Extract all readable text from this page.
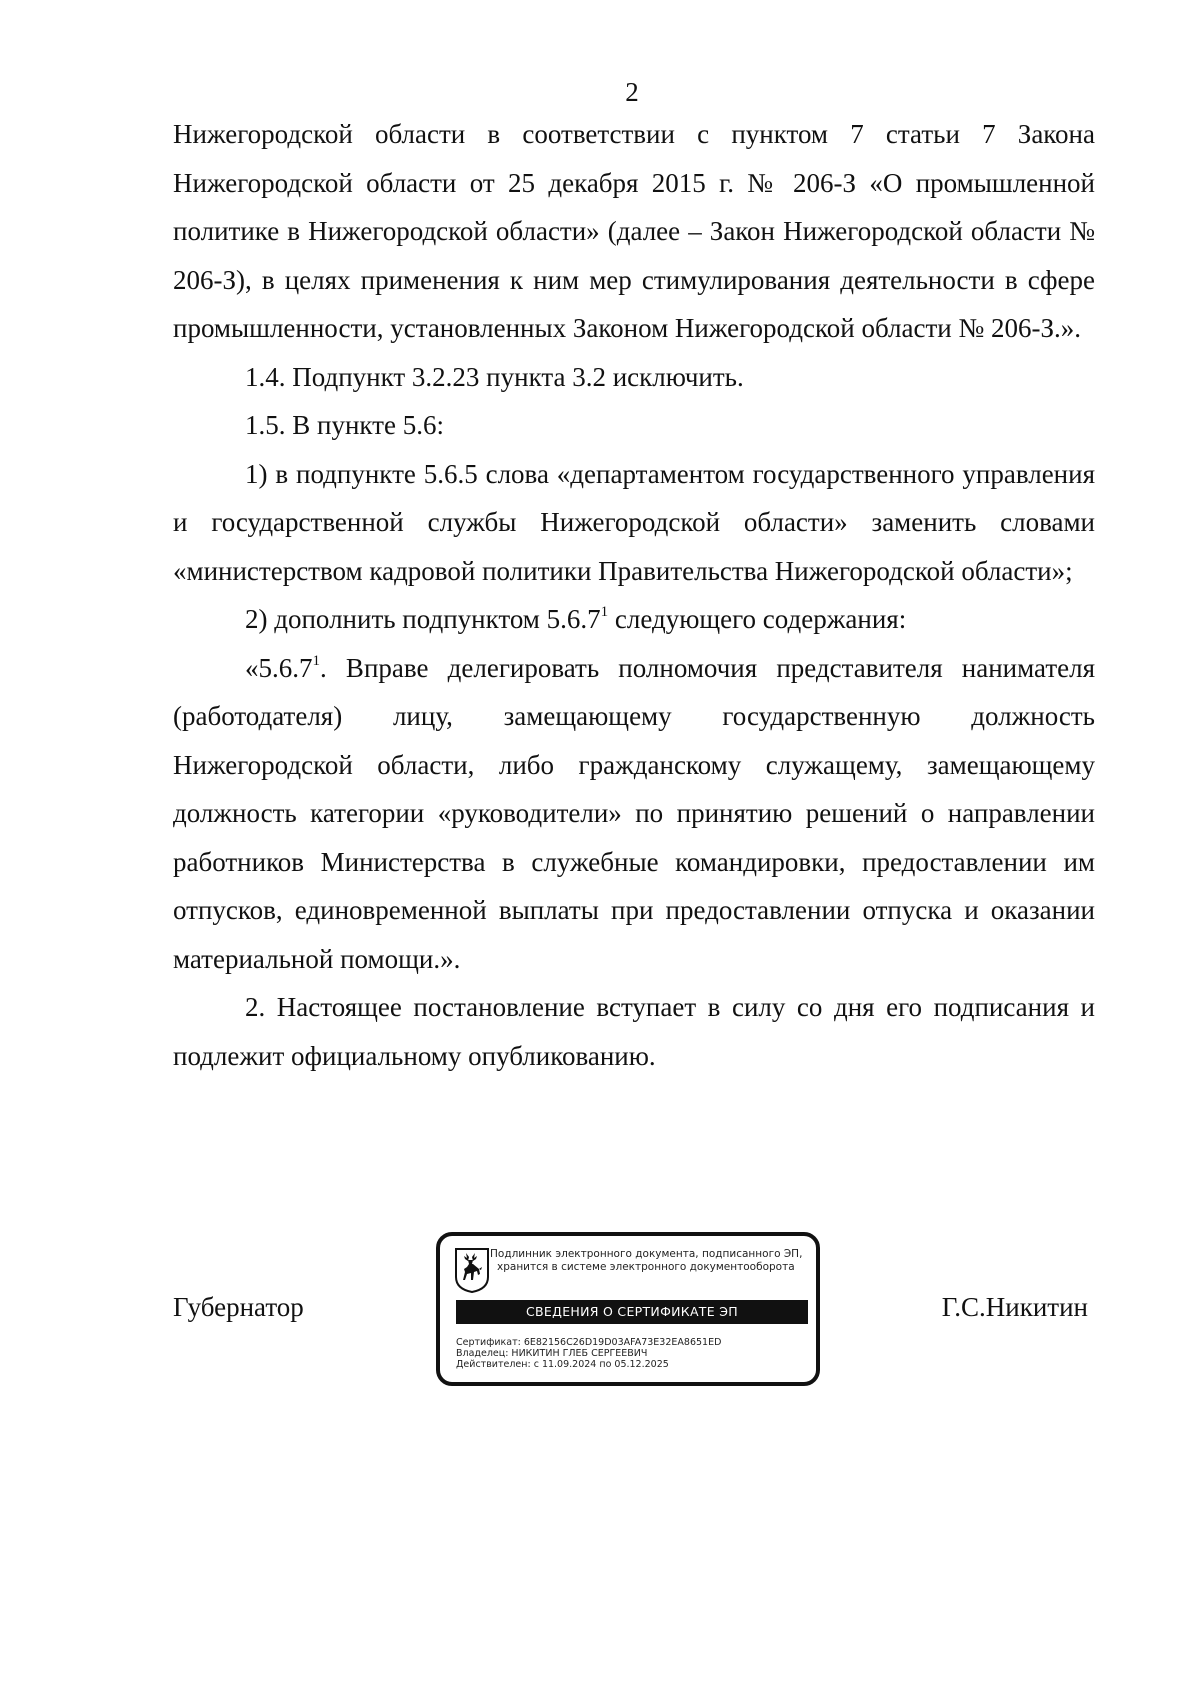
2

Нижегородской области в соответствии с пунктом 7 статьи 7 Закона Нижегородской области от 25 декабря 2015 г. № 206-З «О промышленной политике в Нижегородской области» (далее – Закон Нижегородской области № 206-З), в целях применения к ним мер стимулирования деятельности в сфере промышленности, установленных Законом Нижегородской области № 206-З.».

1.4. Подпункт 3.2.23 пункта 3.2 исключить.

1.5. В пункте 5.6:

1) в подпункте 5.6.5 слова «департаментом государственного управления и государственной службы Нижегородской области» заменить словами «министерством кадровой политики Правительства Нижегородской области»;

2) дополнить подпунктом 5.6.7$^1$ следующего содержания:

«5.6.7$^1$. Вправе делегировать полномочия представителя нанимателя (работодателя) лицу, замещающему государственную должность Нижегородской области, либо гражданскому служащему, замещающему должность категории «руководители» по принятию решений о направлении работников Министерства в служебные командировки, предоставлении им отпусков, единовременной выплаты при предоставлении отпуска и оказании материальной помощи.».

2. Настоящее постановление вступает в силу со дня его подписания и подлежит официальному опубликованию.

Губернатор	Г.С.Никитин
Подлинник электронного документа, подписанного ЭП,
хранится в системе электронного документооборота
СВЕДЕНИЯ О СЕРТИФИКАТЕ ЭП
Сертификат: 6E82156C26D19D03AFA73E32EA8651ED
Владелец: НИКИТИН ГЛЕБ СЕРГЕЕВИЧ
Действителен: с 11.09.2024 по 05.12.2025
